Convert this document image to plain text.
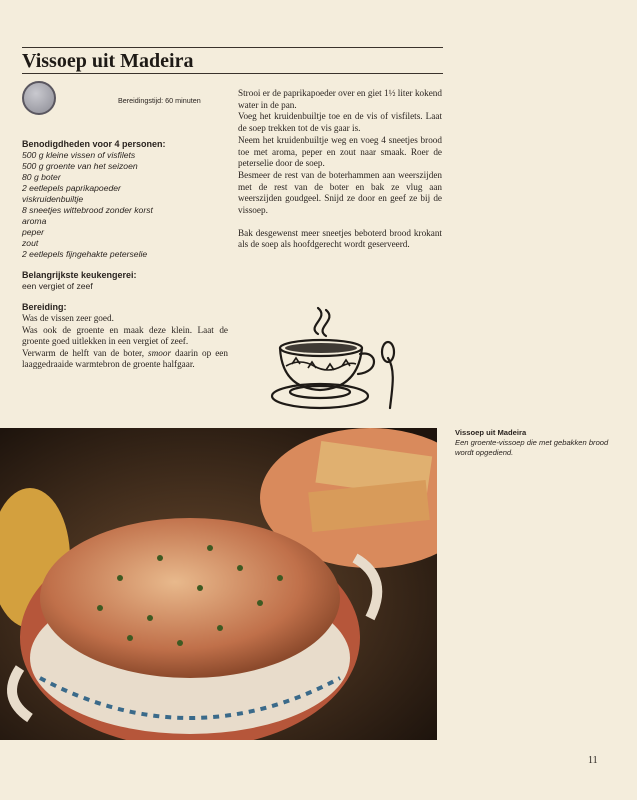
Vissoep uit Madeira
Bereidingstijd: 60 minuten
Benodigdheden voor 4 personen:
500 g kleine vissen of visfilets
500 g groente van het seizoen
80 g boter
2 eetlepels paprikapoeder
viskruidenbuiltje
8 sneetjes wittebrood zonder korst
aroma
peper
zout
2 eetlepels fijngehakte peterselie
Belangrijkste keukengerei:
een vergiet of zeef
Bereiding:
Was de vissen zeer goed.
Was ook de groente en maak deze klein. Laat de groente goed uitlekken in een vergiet of zeef.
Verwarm de helft van de boter, smoor daarin op een laaggedraaide warmtebron de groente halfgaar.

Strooi er de paprikapoeder over en giet 1½ liter kokend water in de pan.

Voeg het kruidenbuiltje toe en de vis of visfilets. Laat de soep trekken tot de vis gaar is.

Neem het kruidenbuiltje weg en voeg 4 sneetjes brood toe met aroma, peper en zout naar smaak. Roer de peterselie door de soep.

Besmeer de rest van de boterhammen aan weerszijden met de rest van de boter en bak ze vlug aan weerszijden goudgeel. Snijd ze door en geef ze bij de vissoep.

Bak desgewenst meer sneetjes beboterd brood krokant als de soep als hoofdgerecht wordt geserveerd.

Vissoep uit Madeira
Een groente-vissoep die met gebakken brood wordt opgediend.
11
